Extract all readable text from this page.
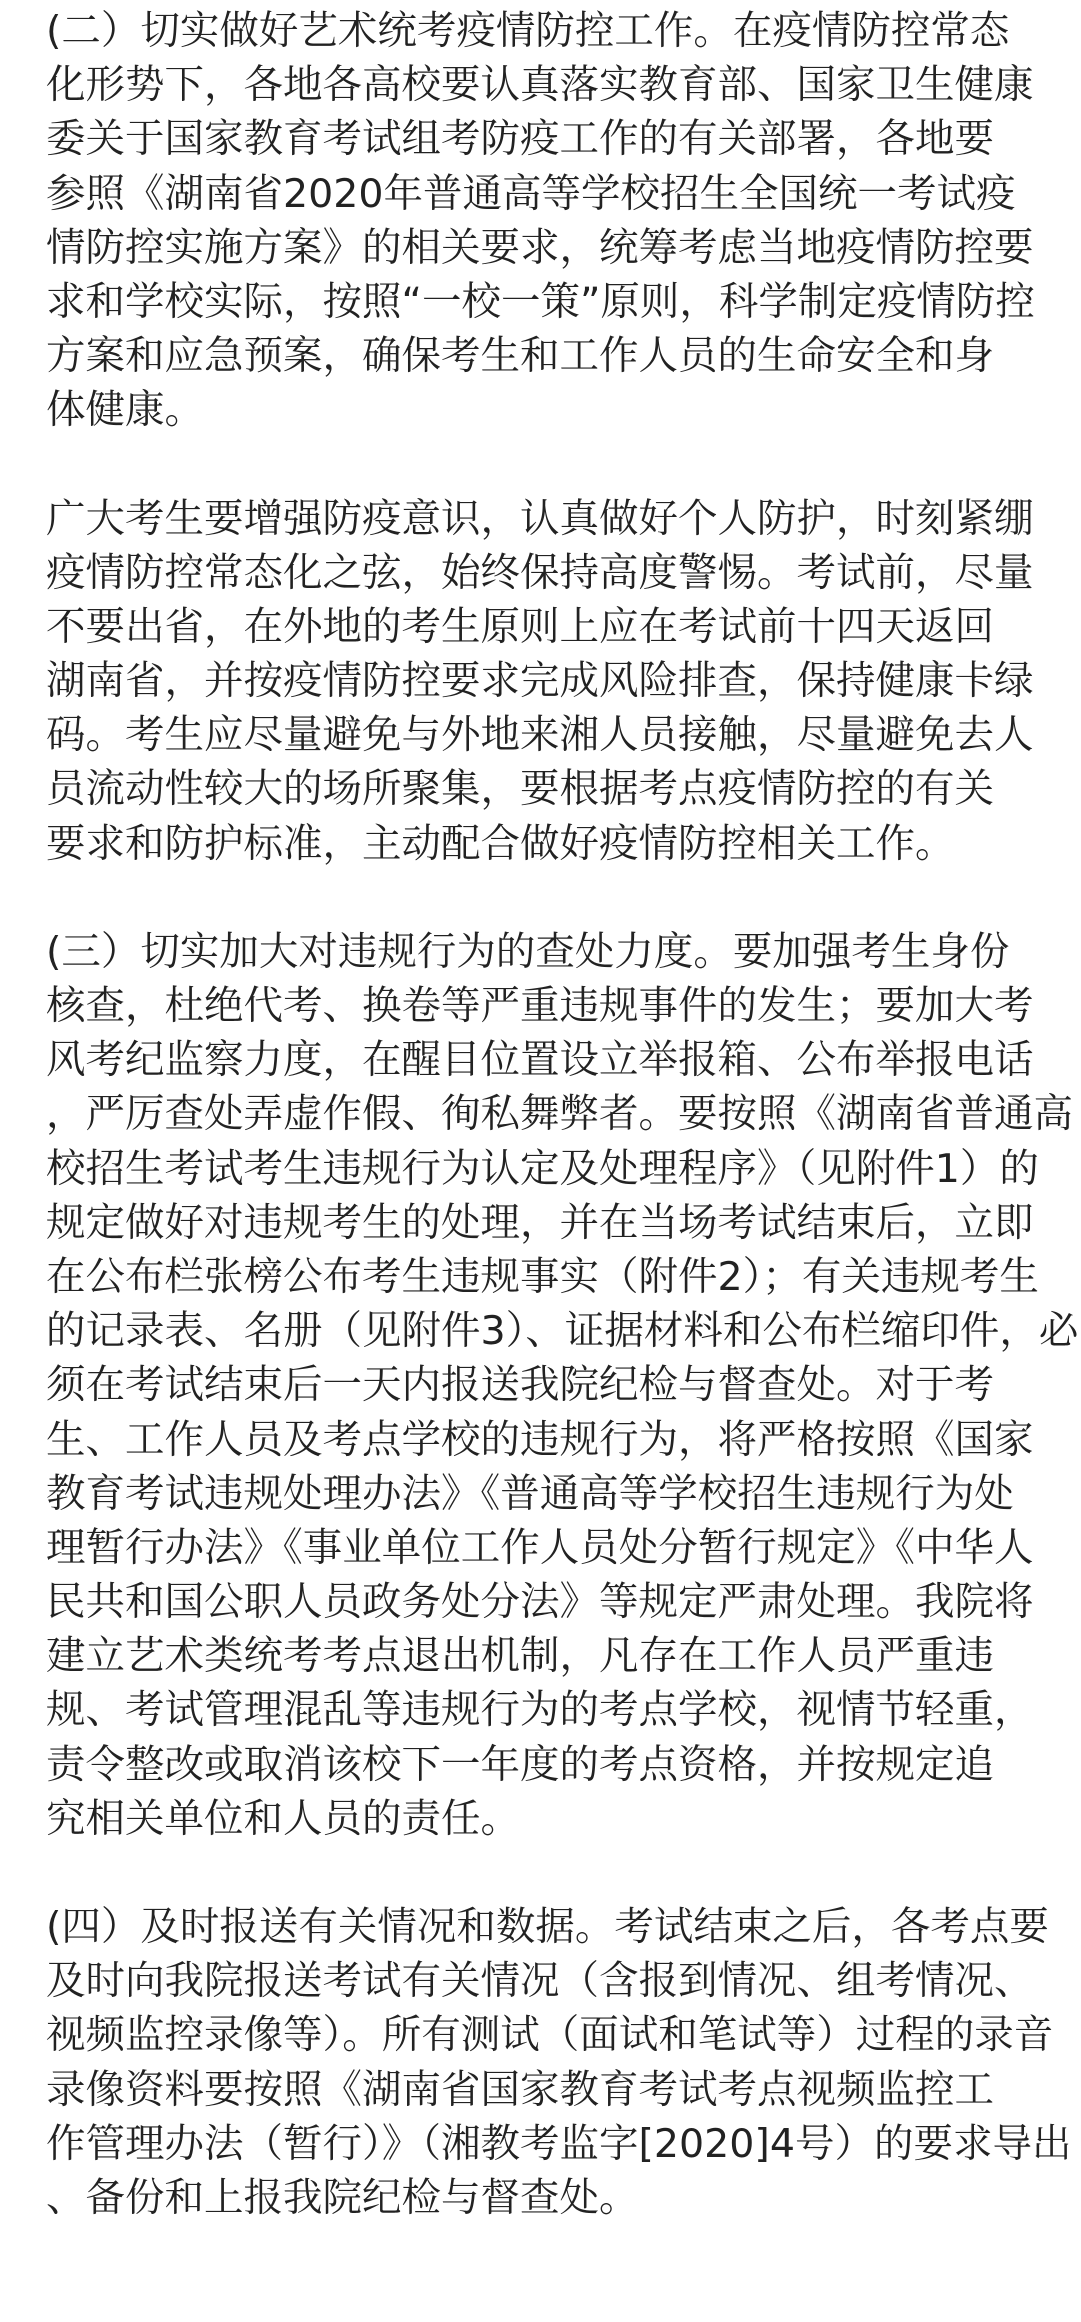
(二）切实做好艺术统考疫情防控工作。在疫情防控常态
化形势下，各地各高校要认真落实教育部、国家卫生健康
委关于国家教育考试组考防疫工作的有关部署，各地要
参照《湖南省2020年普通高等学校招生全国统一考试疫
情防控实施方案》的相关要求，统筹考虑当地疫情防控要
求和学校实际，按照“一校一策”原则，科学制定疫情防控
方案和应急预案，确保考生和工作人员的生命安全和身
体健康。
广大考生要增强防疫意识，认真做好个人防护，时刻紧绷
疫情防控常态化之弦，始终保持高度警惕。考试前，尽量
不要出省，在外地的考生原则上应在考试前十四天返回
湖南省，并按疫情防控要求完成风险排查，保持健康卡绿
码。考生应尽量避免与外地来湘人员接触，尽量避免去人
员流动性较大的场所聚集，要根据考点疫情防控的有关
要求和防护标准，主动配合做好疫情防控相关工作。
(三）切实加大对违规行为的查处力度。要加强考生身份
核查，杜绝代考、换卷等严重违规事件的发生；要加大考
风考纪监察力度，在醒目位置设立举报箱、公布举报电话
，严厉查处弄虚作假、徇私舞弊者。要按照《湖南省普通高
校招生考试考生违规行为认定及处理程序》（见附件1）的
规定做好对违规考生的处理，并在当场考试结束后，立即
在公布栏张榜公布考生违规事实（附件2）；有关违规考生
的记录表、名册（见附件3）、证据材料和公布栏缩印件，必
须在考试结束后一天内报送我院纪检与督查处。对于考
生、工作人员及考点学校的违规行为，将严格按照《国家
教育考试违规处理办法》《普通高等学校招生违规行为处
理暂行办法》《事业单位工作人员处分暂行规定》《中华人
民共和国公职人员政务处分法》等规定严肃处理。我院将
建立艺术类统考考点退出机制，凡存在工作人员严重违
规、考试管理混乱等违规行为的考点学校，视情节轻重，
责令整改或取消该校下一年度的考点资格，并按规定追
究相关单位和人员的责任。
(四）及时报送有关情况和数据。考试结束之后，各考点要
及时向我院报送考试有关情况（含报到情况、组考情况、
视频监控录像等）。所有测试（面试和笔试等）过程的录音
录像资料要按照《湖南省国家教育考试考点视频监控工
作管理办法（暂行）》（湘教考监字[2020]4号）的要求导出
、备份和上报我院纪检与督查处。
